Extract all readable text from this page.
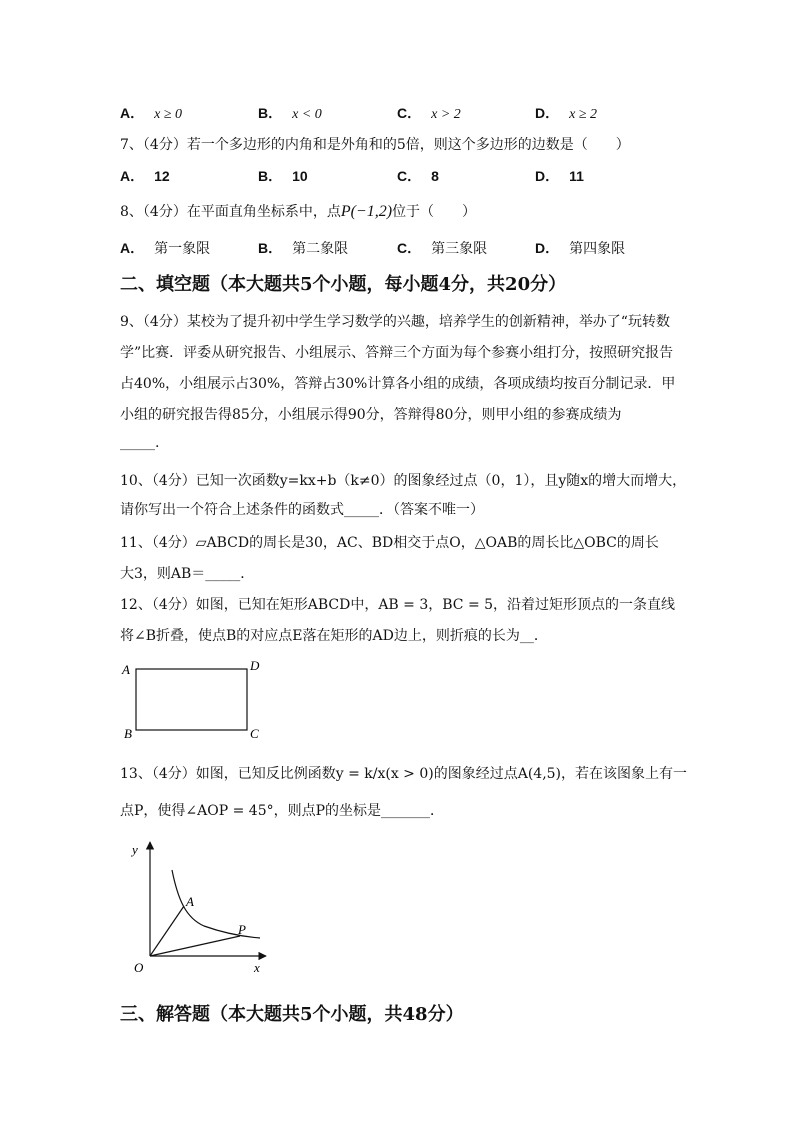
A． x ≥ 0	B． x < 0	C． x > 2	D． x ≥ 2
7、（4分）若一个多边形的内角和是外角和的5倍，则这个多边形的边数是（　　）
A． 12	B． 10	C． 8	D． 11
8、（4分）在平面直角坐标系中，点P(−1,2)位于（　　）
A． 第一象限	B． 第二象限	C． 第三象限	D． 第四象限
二、填空题（本大题共5个小题，每小题4分，共20分）
9、（4分）某校为了提升初中学生学习数学的兴趣，培养学生的创新精神，举办了“玩转数
学”比赛．评委从研究报告、小组展示、答辩三个方面为每个参赛小组打分，按照研究报告
占40%，小组展示占30%，答辩占30%计算各小组的成绩，各项成绩均按百分制记录．甲
小组的研究报告得85分，小组展示得90分，答辩得80分，则甲小组的参赛成绩为
_____.
10、（4分）已知一次函数y=kx+b（k≠0）的图象经过点（0，1），且y随x的增大而增大，
请你写出一个符合上述条件的函数式_____．（答案不唯一）
11、（4分）▱ABCD的周长是30，AC、BD相交于点O，△OAB的周长比△OBC的周长
大3，则AB＝_____．
12、（4分）如图，已知在矩形ABCD中，AB = 3，BC = 5，沿着过矩形顶点的一条直线
将∠B折叠，使点B的对应点E落在矩形的AD边上，则折痕的长为__．
A	D
B	C
13、（4分）如图，已知反比例函数y = k/x(x > 0)的图象经过点A(4,5)，若在该图象上有一
点P，使得∠AOP = 45°，则点P的坐标是_______．
y
x
O
A
P
三、解答题（本大题共5个小题，共48分）
